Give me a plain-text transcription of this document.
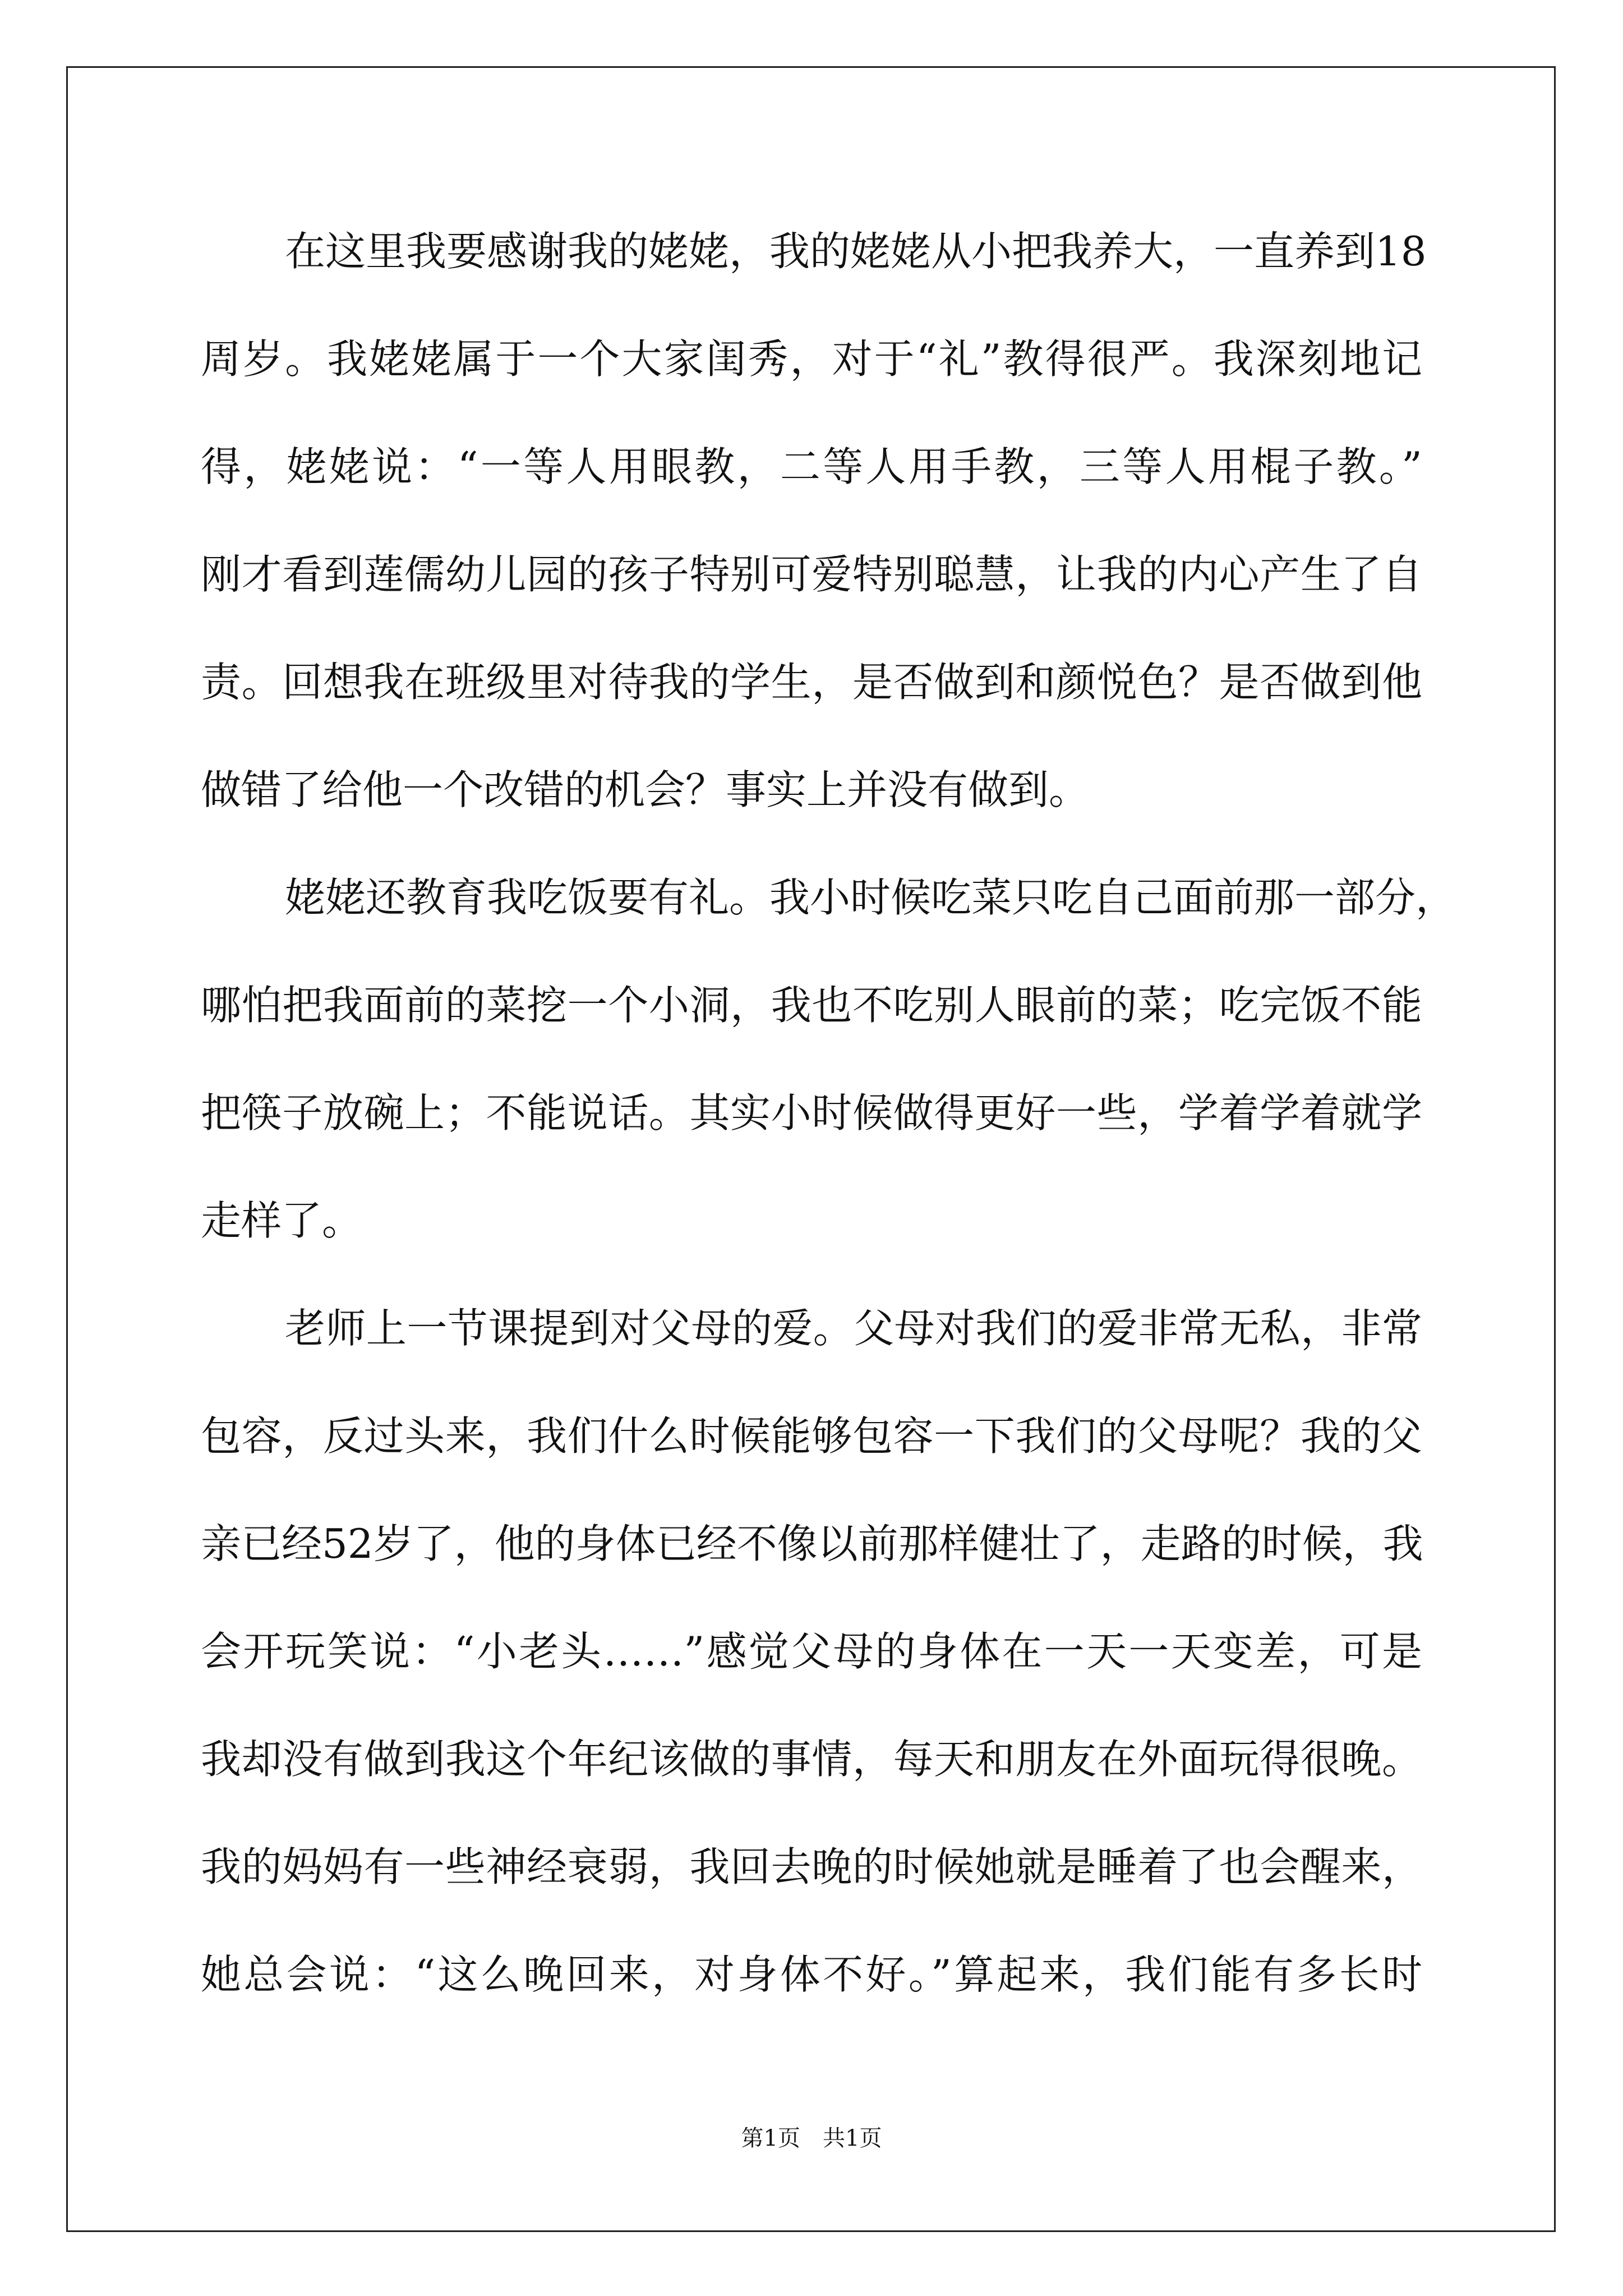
在这里我要感谢我的姥姥，我的姥姥从小把我养大，一直养到18
周岁。我姥姥属于一个大家闺秀，对于“礼”教得很严。我深刻地记
得，姥姥说：“一等人用眼教，二等人用手教，三等人用棍子教。”
刚才看到莲儒幼儿园的孩子特别可爱特别聪慧，让我的内心产生了自
责。回想我在班级里对待我的学生，是否做到和颜悦色？是否做到他
做错了给他一个改错的机会？事实上并没有做到。
姥姥还教育我吃饭要有礼。我小时候吃菜只吃自己面前那一部分，
哪怕把我面前的菜挖一个小洞，我也不吃别人眼前的菜；吃完饭不能
把筷子放碗上；不能说话。其实小时候做得更好一些，学着学着就学
走样了。
老师上一节课提到对父母的爱。父母对我们的爱非常无私，非常
包容，反过头来，我们什么时候能够包容一下我们的父母呢？我的父
亲已经52岁了，他的身体已经不像以前那样健壮了，走路的时候，我
会开玩笑说：“小老头……”感觉父母的身体在一天一天变差，可是
我却没有做到我这个年纪该做的事情，每天和朋友在外面玩得很晚。
我的妈妈有一些神经衰弱，我回去晚的时候她就是睡着了也会醒来，
她总会说：“这么晚回来，对身体不好。”算起来，我们能有多长时
第1页　共1页
